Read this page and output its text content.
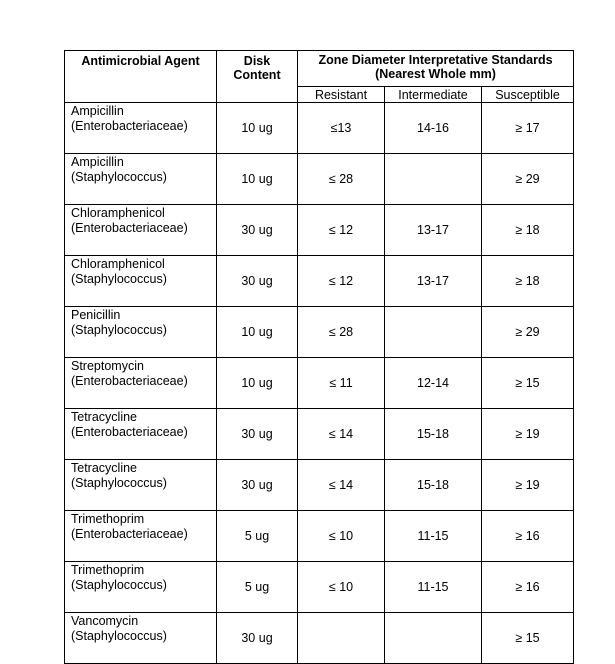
Antimicrobial Agent	Disk
Content	Zone Diameter Interpretative Standards
(Nearest Whole mm)		
		Resistant	Intermediate	Susceptible
Ampicillin
(Enterobacteriaceae)	10 ug	≤13	14-16	≥ 17
Ampicillin
(Staphylococcus)	10 ug	≤ 28		≥ 29
Chloramphenicol
(Enterobacteriaceae)	30 ug	≤ 12	13-17	≥ 18
Chloramphenicol
(Staphylococcus)	30 ug	≤ 12	13-17	≥ 18
Penicillin
(Staphylococcus)	10 ug	≤ 28		≥ 29
Streptomycin
(Enterobacteriaceae)	10 ug	≤ 11	12-14	≥ 15
Tetracycline
(Enterobacteriaceae)	30 ug	≤ 14	15-18	≥ 19
Tetracycline
(Staphylococcus)	30 ug	≤ 14	15-18	≥ 19
Trimethoprim
(Enterobacteriaceae)	5 ug	≤ 10	11-15	≥ 16
Trimethoprim
(Staphylococcus)	5 ug	≤ 10	11-15	≥ 16
Vancomycin
(Staphylococcus)	30 ug			≥ 15
